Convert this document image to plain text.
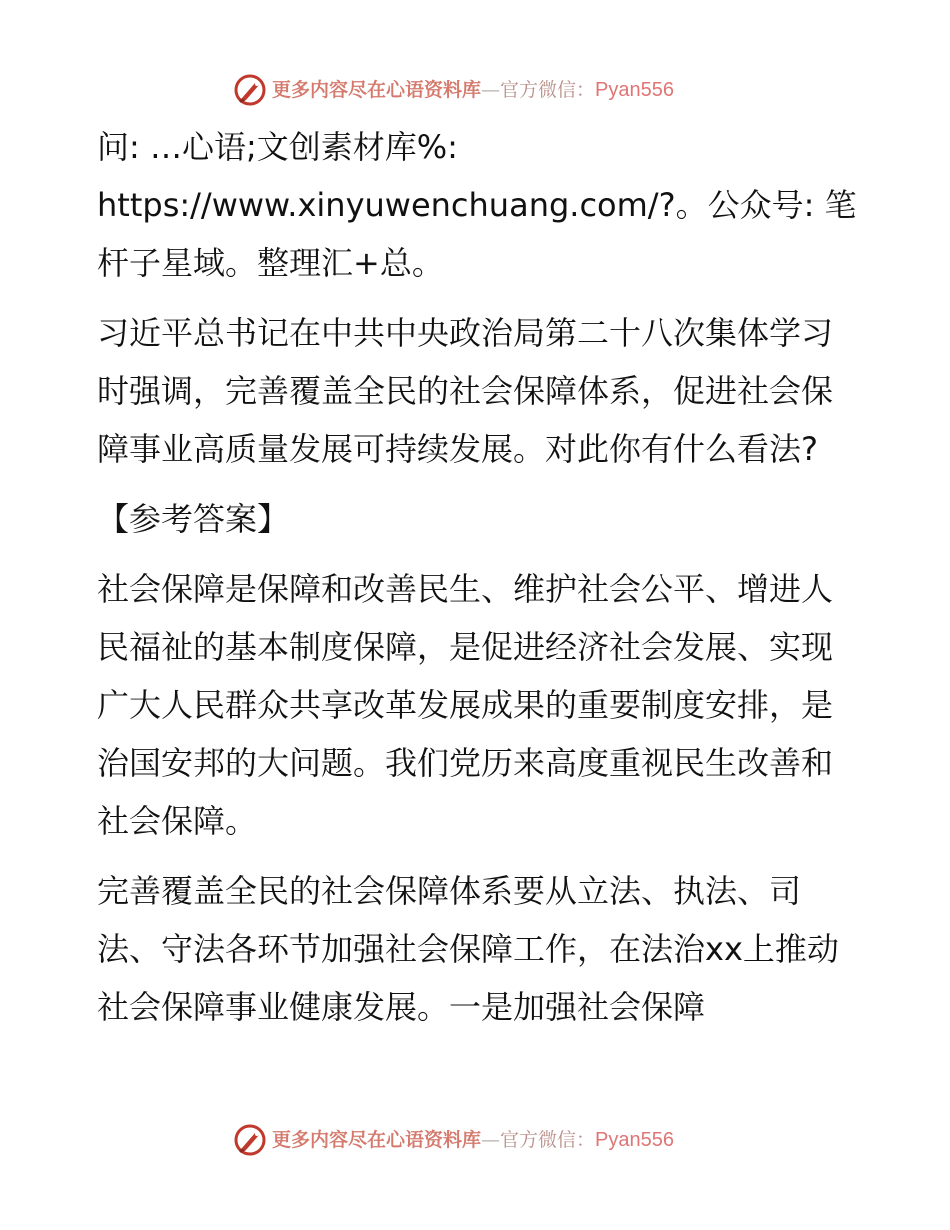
更多内容尽在心语资料库—官方微信：Pyan556

问: …心语;文创素材库%: https://www.xinyuwenchuang.com/?。公众号: 笔杆子星域。整理汇+总。

习近平总书记在中共中央政治局第二十八次集体学习时强调，完善覆盖全民的社会保障体系，促进社会保障事业高质量发展可持续发展。对此你有什么看法?

【参考答案】

社会保障是保障和改善民生、维护社会公平、增进人民福祉的基本制度保障，是促进经济社会发展、实现广大人民群众共享改革发展成果的重要制度安排，是治国安邦的大问题。我们党历来高度重视民生改善和社会保障。

完善覆盖全民的社会保障体系要从立法、执法、司法、守法各环节加强社会保障工作，在法治xx上推动社会保障事业健康发展。一是加强社会保障

更多内容尽在心语资料库—官方微信：Pyan556
